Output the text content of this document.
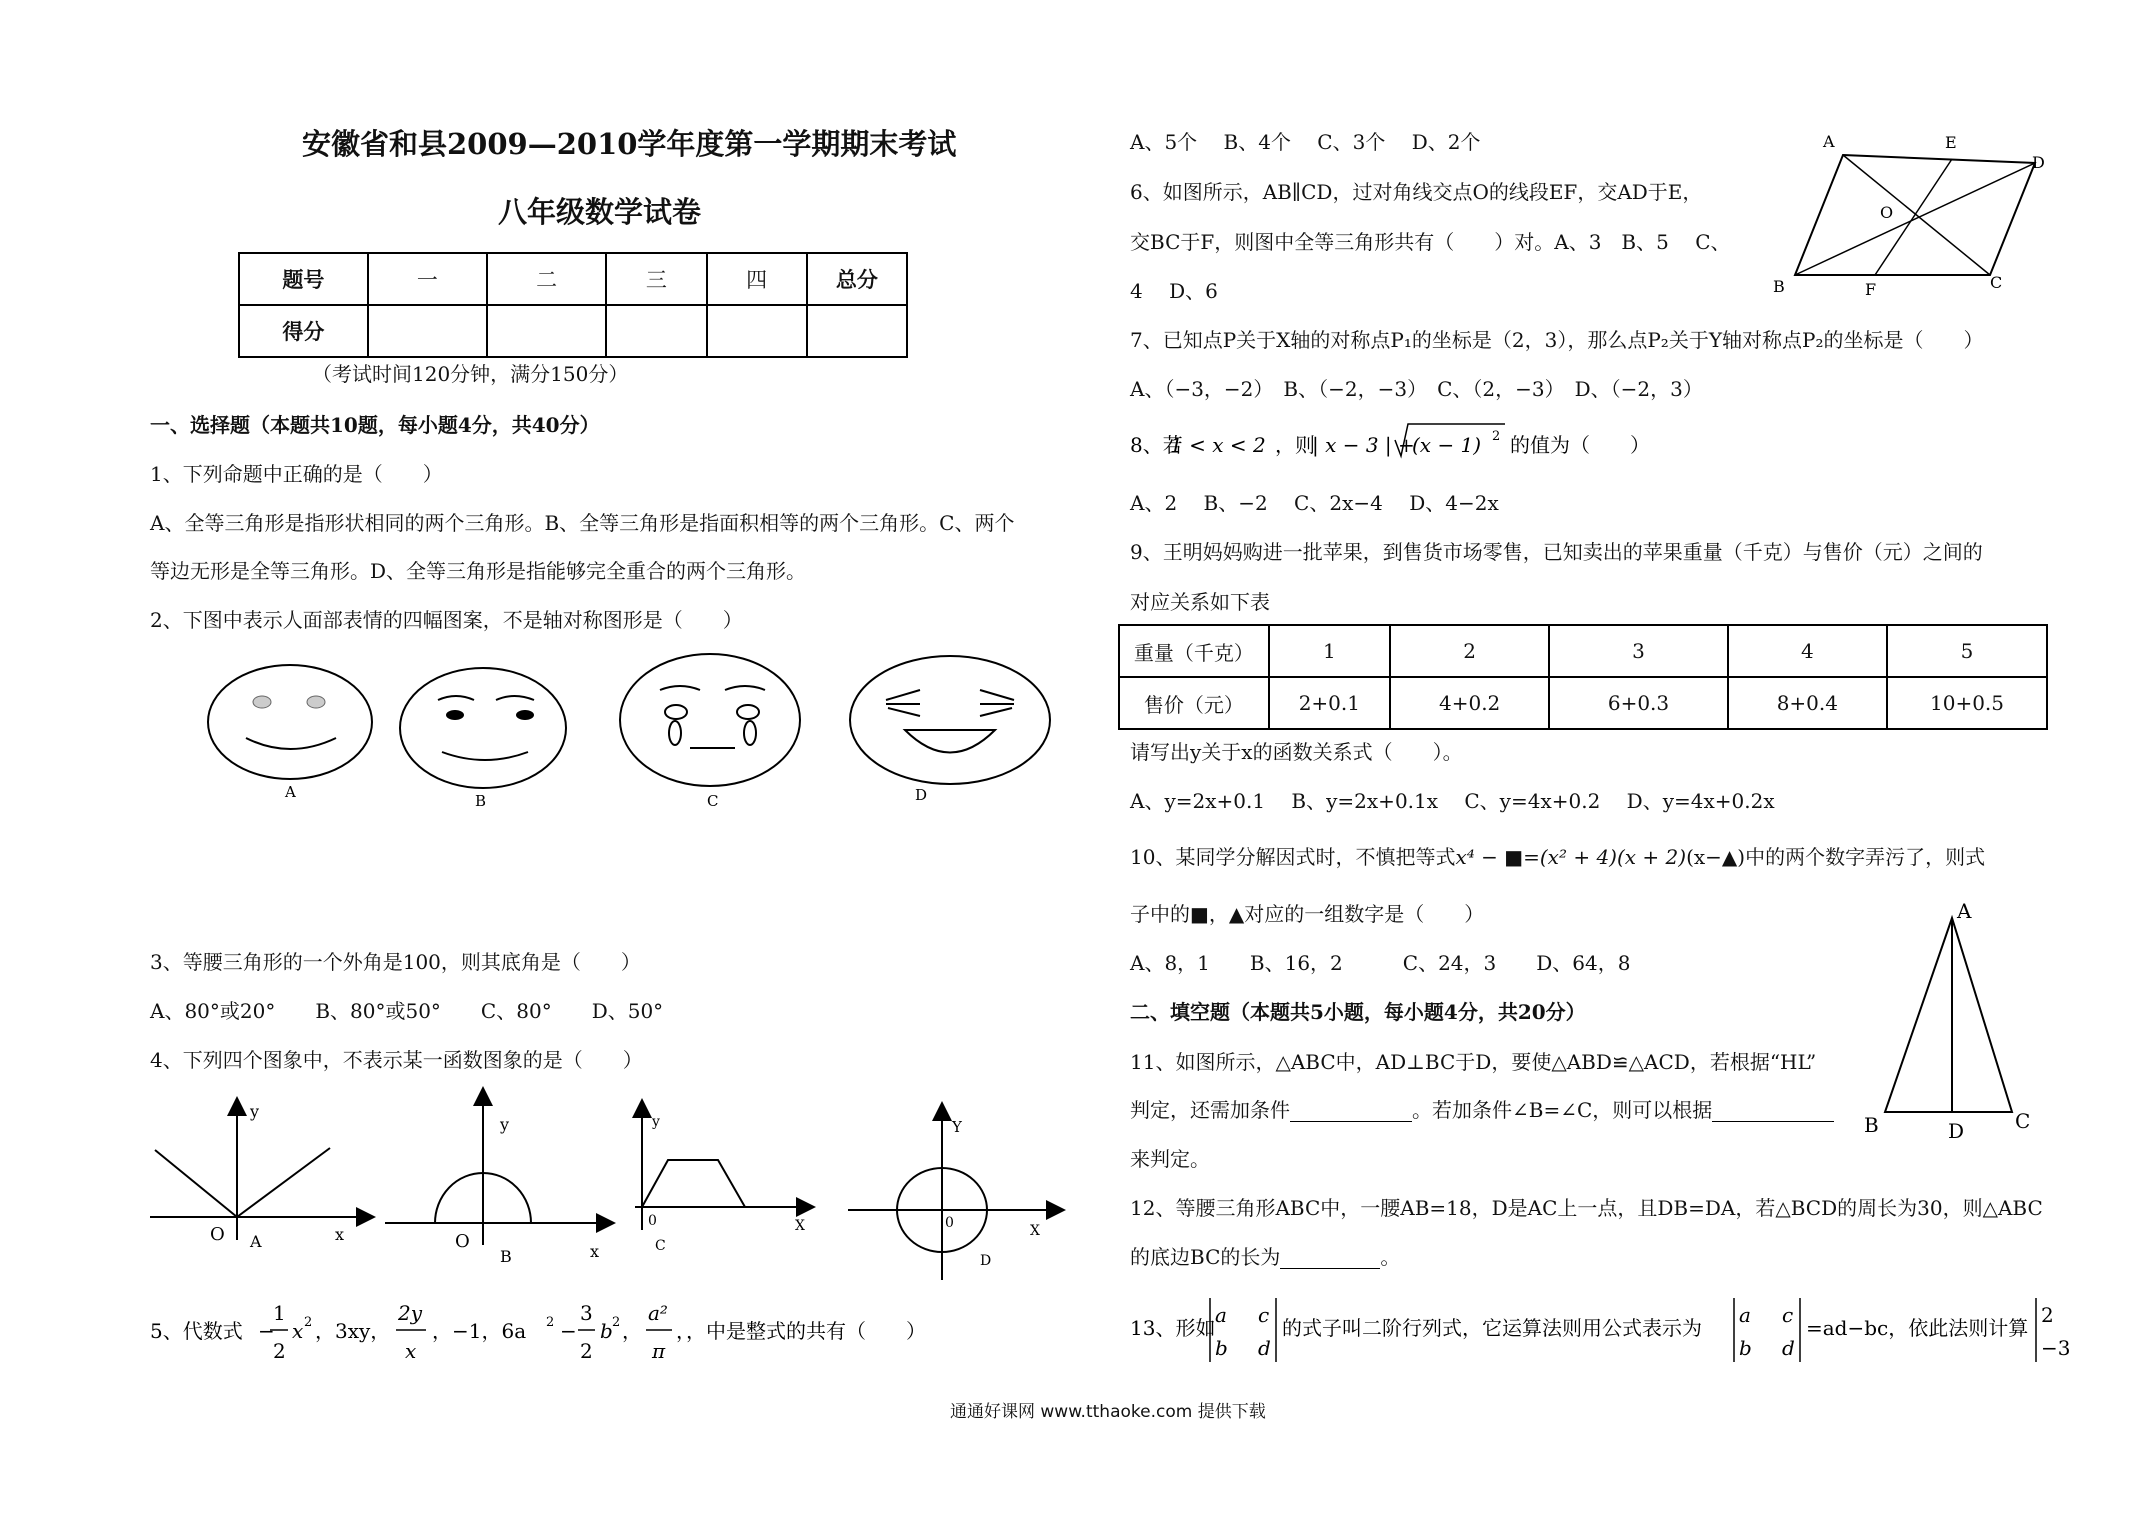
安徽省和县2009—2010学年度第一学期期末考试
八年级数学试卷
题号	一	二	三	四	总分
得分					
（考试时间120分钟，满分150分）
一、选择题（本题共10题，每小题4分，共40分）
1、下列命题中正确的是（　　）
A、全等三角形是指形状相同的两个三角形。B、全等三角形是指面积相等的两个三角形。C、两个
等边无形是全等三角形。D、全等三角形是指能够完全重合的两个三角形。
2、下图中表示人面部表情的四幅图案，不是轴对称图形是（　　）
A	B	C	D
3、等腰三角形的一个外角是100，则其底角是（　　）
A、80°或20°　　B、80°或50°　　C、80°　　D、50°
4、下列四个图象中，不表示某一函数图象的是（　　）
y
O A	x
y
O
B	x
y
0
C
X
Y
0
D
X
5、代数式 −
1
2
x 2 ，3xy，
2y
x
，−1，6a 2 −
3
2
b 2 ，
a²
π
，，中是整式的共有（　　）
A、5个　 B、4个　 C、3个　 D、2个
6、如图所示，AB∥CD，过对角线交点O的线段EF，交AD于E，
交BC于F，则图中全等三角形共有（　　）对。A、3　B、5　 C、
4　 D、6
A	E
D
O
B	F	C
7、已知点P关于X轴的对称点P₁的坐标是（2，3），那么点P₂关于Y轴对称点P₂的坐标是（　　）
A、（−3，−2）　B、（−2，−3）　C、（2，−3）　D、（−2，3）
8、若
1 < x < 2 ，则
| x − 3 | +
(x − 1) 2 的值为（　　）
A、2　 B、−2　 C、2x−4　 D、4−2x
9、王明妈妈购进一批苹果，到售货市场零售，已知卖出的苹果重量（千克）与售价（元）之间的
对应关系如下表
重量（千克）	1	2	3	4	5
售价（元）	2+0.1	4+0.2	6+0.3	8+0.4	10+0.5
请写出y关于x的函数关系式（　　）。
A、y=2x+0.1　 B、y=2x+0.1x　 C、y=4x+0.2　 D、y=4x+0.2x
10、某同学分解因式时，不慎把等式x⁴ − ■=(x² + 4)(x + 2)(x−▲)中的两个数字弄污了，则式
子中的■，▲对应的一组数字是（　　）
A、8，1　　B、16，2　　　C、24，3　　D、64，8
二、填空题（本题共5小题，每小题4分，共20分）
11、如图所示，△ABC中，AD⊥BC于D，要使△ABD≌△ACD，若根据“HL”
判定，还需加条件	。若加条件∠B=∠C，则可以根据
来判定。
A
B	D	C
12、等腰三角形ABC中，一腰AB=18，D是AC上一点，且DB=DA，若△BCD的周长为30，则△ABC
的底边BC的长为	。
13、形如
a c
b d
的式子叫二阶行列式，它运算法则用公式表示为
a c
b d
=ad−bc，依此法则计算
2
−3
通通好课网 www.tthaoke.com 提供下载
